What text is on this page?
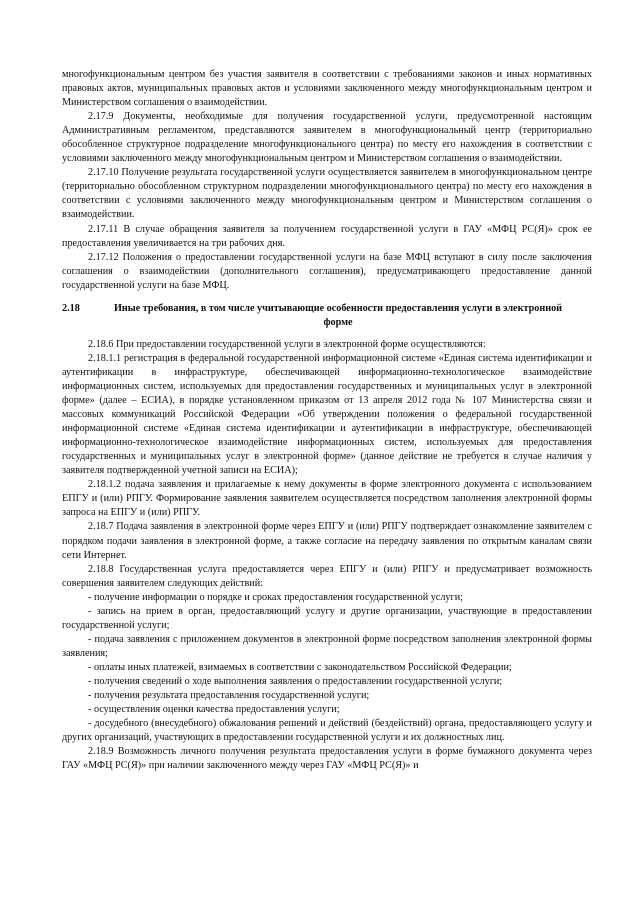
многофункциональным центром без участия заявителя в соответствии с требованиями законов и иных нормативных правовых актов, муниципальных правовых актов и условиями заключенного между многофункциональным центром и Министерством соглашения о взаимодействии.

2.17.9 Документы, необходимые для получения государственной услуги, предусмотренной настоящим Административным регламентом, представляются заявителем в многофункциональный центр (территориально обособленное структурное подразделение многофункционального центра) по месту его нахождения в соответствии с условиями заключенного между многофункциональным центром и Министерством соглашения о взаимодействии.

2.17.10 Получение результата государственной услуги осуществляется заявителем в многофункциональном центре (территориально обособленном структурном подразделении многофункционального центра) по месту его нахождения в соответствии с условиями заключенного между многофункциональным центром и Министерством соглашения о взаимодействии.

2.17.11 В случае обращения заявителя за получением государственной услуги в ГАУ «МФЦ РС(Я)» срок ее предоставления увеличивается на три рабочих дня.

2.17.12 Положения о предоставлении государственной услуги на базе МФЦ вступают в силу после заключения соглашения о взаимодействии (дополнительного соглашения), предусматривающего предоставление данной государственной услуги на базе МФЦ.

2.18	Иные требования, в том числе учитывающие особенности предоставления услуги в электронной форме

2.18.6 При предоставлении государственной услуги в электронной форме осуществляются:

2.18.1.1 регистрация в федеральной государственной информационной системе «Единая система идентификации и аутентификации в инфраструктуре, обеспечивающей информационно-технологическое взаимодействие информационных систем, используемых для предоставления государственных и муниципальных услуг в электронной форме» (далее – ЕСИА), в порядке установленном приказом от 13 апреля 2012 года № 107 Министерства связи и массовых коммуникаций Российской Федерации «Об утверждении положения о федеральной государственной информационной системе «Единая система идентификации и аутентификации в инфраструктуре, обеспечивающей информационно-технологическое взаимодействие информационных систем, используемых для предоставления государственных и муниципальных услуг в электронной форме» (данное действие не требуется в случае наличия у заявителя подтвержденной учетной записи на ЕСИА);

2.18.1.2 подача заявления и прилагаемые к нему документы в форме электронного документа с использованием ЕПГУ и (или) РПГУ. Формирование заявления заявителем осуществляется посредством заполнения электронной формы запроса на ЕПГУ и (или) РПГУ.

2.18.7 Подача заявления в электронной форме через ЕПГУ и (или) РПГУ подтверждает ознакомление заявителем с порядком подачи заявления в электронной форме, а также согласие на передачу заявления по открытым каналам связи сети Интернет.

2.18.8 Государственная услуга предоставляется через ЕПГУ и (или) РПГУ и предусматривает возможность совершения заявителем следующих действий:

- получение информации о порядке и сроках предоставления государственной услуги;

- запись на прием в орган, предоставляющий услугу и другие организации, участвующие в предоставлении государственной услуги;

- подача заявления с приложением документов в электронной форме посредством заполнения электронной формы заявления;

- оплаты иных платежей, взимаемых в соответствии с законодательством Российской Федерации;

- получения сведений о ходе выполнения заявления о предоставлении государственной услуги;

- получения результата предоставления государственной услуги;

- осуществления оценки качества предоставления услуги;

- досудебного (внесудебного) обжалования решений и действий (бездействий) органа, предоставляющего услугу и других организаций, участвующих в предоставлении государственной услуги и их должностных лиц.

2.18.9 Возможность личного получения результата предоставления услуги в форме бумажного документа через ГАУ «МФЦ РС(Я)» при наличии заключенного между через ГАУ «МФЦ РС(Я)» и
